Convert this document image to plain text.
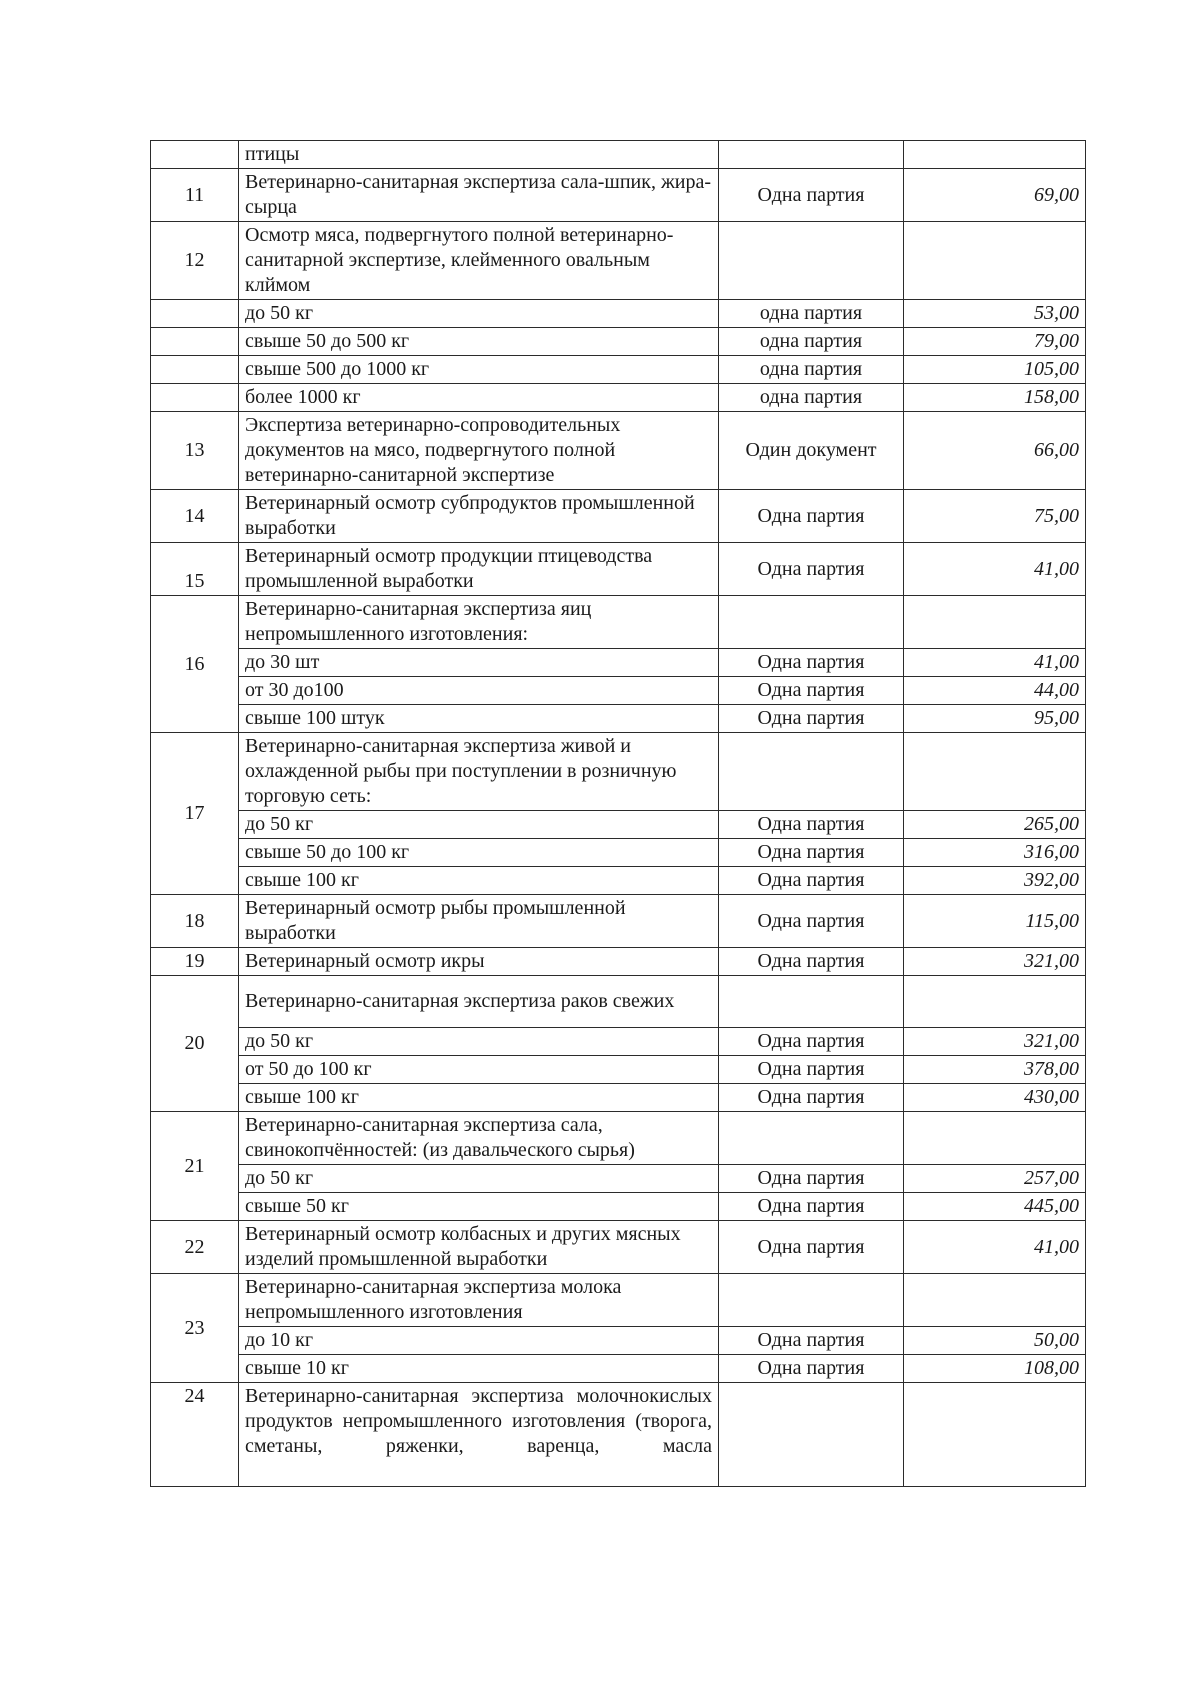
	птицы		
11	Ветеринарно-санитарная экспертиза сала-шпик, жира-сырца	Одна партия	69,00
12	Осмотр мяса, подвергнутого полной ветеринарно-санитарной экспертизе, клейменного овальным клймом		
	до 50 кг	одна партия	53,00
	свыше 50 до 500 кг	одна партия	79,00
	свыше 500 до 1000 кг	одна партия	105,00
	более 1000 кг	одна партия	158,00
13	Экспертиза ветеринарно-сопроводительных документов на мясо, подвергнутого полной ветеринарно-санитарной экспертизе	Один документ	66,00
14	Ветеринарный осмотр субпродуктов промышленной выработки	Одна партия	75,00
15	Ветеринарный осмотр продукции птицеводства промышленной выработки	Одна партия	41,00
16	Ветеринарно-санитарная экспертиза яиц непромышленного изготовления:		
	до 30 шт	Одна партия	41,00
	от 30 до100	Одна партия	44,00
	свыше 100 штук	Одна партия	95,00
17	Ветеринарно-санитарная экспертиза живой и охлажденной рыбы при поступлении в розничную торговую сеть:		
	до 50 кг	Одна партия	265,00
	свыше 50 до 100 кг	Одна партия	316,00
	свыше 100 кг	Одна партия	392,00
18	Ветеринарный осмотр рыбы промышленной выработки	Одна партия	115,00
19	Ветеринарный осмотр икры	Одна партия	321,00
20	Ветеринарно-санитарная экспертиза раков свежих		
	до 50 кг	Одна партия	321,00
	от 50 до 100 кг	Одна партия	378,00
	свыше 100 кг	Одна партия	430,00
21	Ветеринарно-санитарная экспертиза сала, свинокопчённостей: (из давальческого сырья)		
	до 50 кг	Одна партия	257,00
	свыше 50 кг	Одна партия	445,00
22	Ветеринарный осмотр колбасных и других мясных изделий промышленной выработки	Одна партия	41,00
23	Ветеринарно-санитарная экспертиза молока непромышленного изготовления		
	до 10 кг	Одна партия	50,00
	свыше 10 кг	Одна партия	108,00
24	Ветеринарно-санитарная экспертиза молочнокислых продуктов непромышленного изготовления (творога, сметаны, ряженки, варенца, масла		
